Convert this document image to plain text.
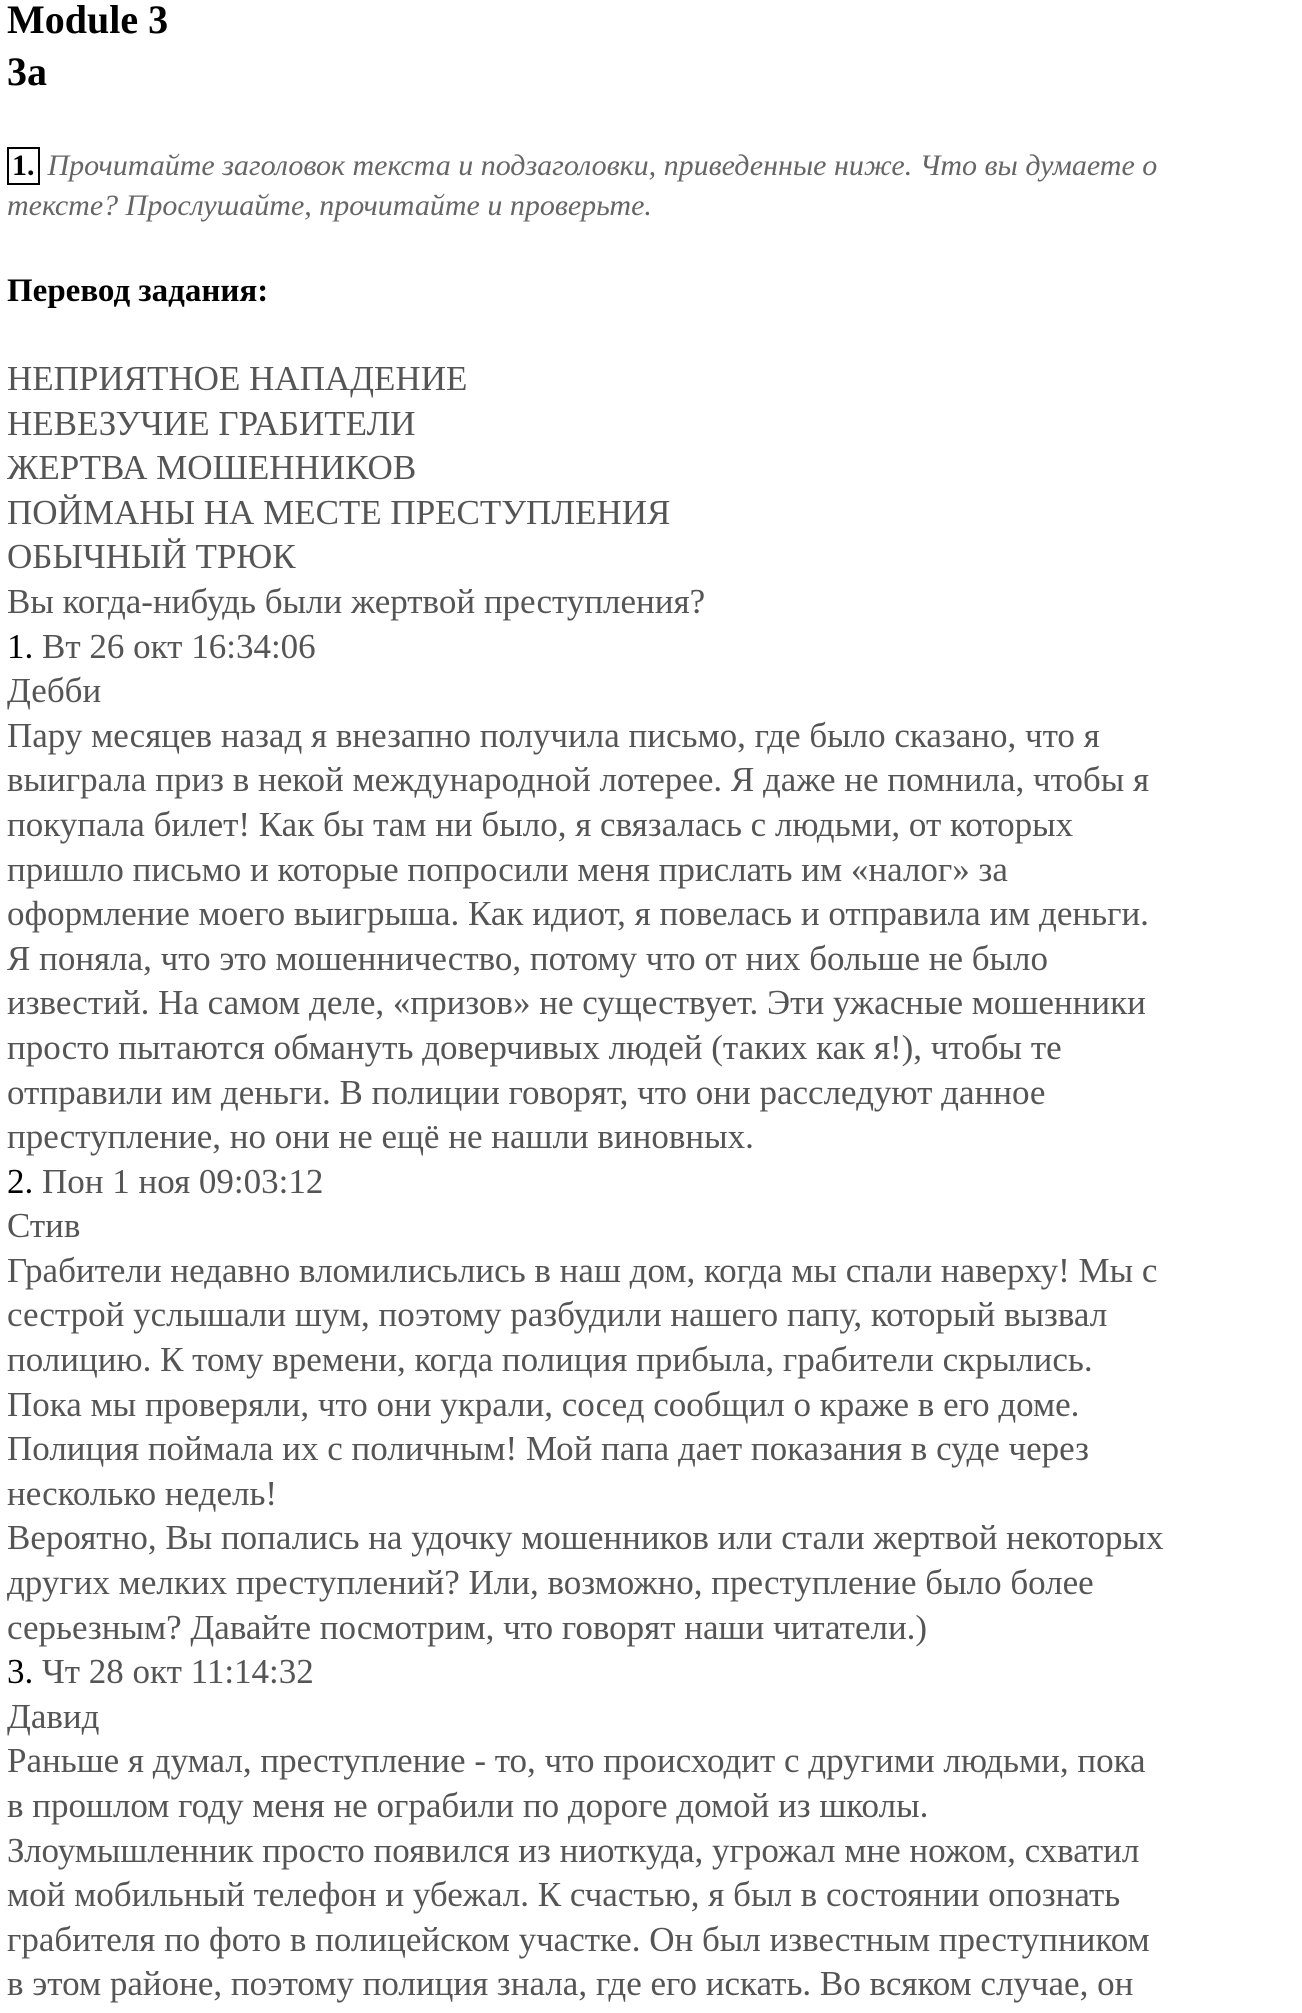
Module 3
3a
1. Прочитайте заголовок текста и подзаголовки, приведенные ниже. Что вы думаете о
тексте? Прослушайте, прочитайте и проверьте.
Перевод задания:
НЕПРИЯТНОЕ НАПАДЕНИЕ
НЕВЕЗУЧИЕ ГРАБИТЕЛИ
ЖЕРТВА МОШЕННИКОВ
ПОЙМАНЫ НА МЕСТЕ ПРЕСТУПЛЕНИЯ
ОБЫЧНЫЙ ТРЮК
Вы когда-нибудь были жертвой преступления?
1. Вт 26 окт 16:34:06
Дебби
Пару месяцев назад я внезапно получила письмо, где было сказано, что я
выиграла приз в некой международной лотерее. Я даже не помнила, чтобы я
покупала билет! Как бы там ни было, я связалась с людьми, от которых
пришло письмо и которые попросили меня прислать им «налог» за
оформление моего выигрыша. Как идиот, я повелась и отправила им деньги.
Я поняла, что это мошенничество, потому что от них больше не было
известий. На самом деле, «призов» не существует. Эти ужасные мошенники
просто пытаются обмануть доверчивых людей (таких как я!), чтобы те
отправили им деньги. В полиции говорят, что они расследуют данное
преступление, но они не ещё не нашли виновных.
2. Пон 1 ноя 09:03:12
Стив
Грабители недавно вломилисьлись в наш дом, когда мы спали наверху! Мы с
сестрой услышали шум, поэтому разбудили нашего папу, который вызвал
полицию. К тому времени, когда полиция прибыла, грабители скрылись.
Пока мы проверяли, что они украли, сосед сообщил о краже в его доме.
Полиция поймала их с поличным! Мой папа дает показания в суде через
несколько недель!
Вероятно, Вы попались на удочку мошенников или стали жертвой некоторых
других мелких преступлений? Или, возможно, преступление было более
серьезным? Давайте посмотрим, что говорят наши читатели.)
3. Чт 28 окт 11:14:32
Давид
Раньше я думал, преступление - то, что происходит с другими людьми, пока
в прошлом году меня не ограбили по дороге домой из школы.
Злоумышленник просто появился из ниоткуда, угрожал мне ножом, схватил
мой мобильный телефон и убежал. К счастью, я был в состоянии опознать
грабителя по фото в полицейском участке. Он был известным преступником
в этом районе, поэтому полиция знала, где его искать. Во всяком случае, он
